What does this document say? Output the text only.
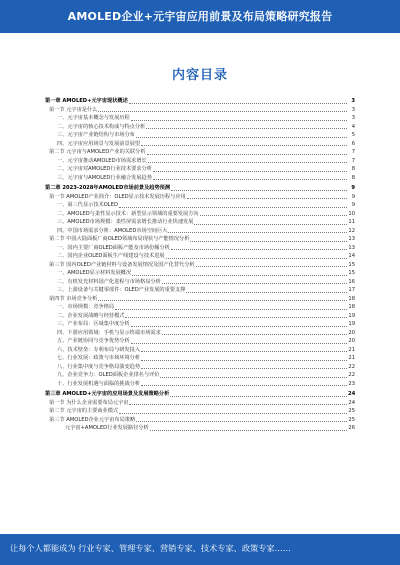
AMOLED企业+元宇宙应用前景及布局策略研究报告
内容目录
第一章 AMOLED+元宇宙现状概述	3
第一节 元宇宙是什么	3
一、元宇宙基本概念与发展历程	3
二、元宇宙的核心技术构成与特点分析	4
三、元宇宙产业链结构与市场分布	5
四、元宇宙应用场景与发展前景展望	6
第二节 元宇宙与AMOLED产业的关联分析	7
一、元宇宙推动AMOLED市场需求增长	7
二、元宇宙对AMOLED行业技术要求分析	8
三、元宇宙与AMOLED行业融合发展趋势	8
第二章 2023-2028年AMOLED市场前景及趋势预测	9
第一节 AMOLED产业简介：OLED显示技术发展历程与应用	9
一、第三代显示技术OLED	9
二、AMOLED与柔性显示技术：新型显示领域的重要发展方向	10
三、AMOLED市场规模：柔性屏需求增长推动行业快速发展	11
四、中国市场需求分析：AMOLED市场空间巨大	12
第二节 中国大陆面板厂商OLED领域布局现状与产能情况分析	13
一、国内主要厂商OLED面板产能及市场份额分析	13
二、国内企业OLED面板生产线建设与技术进展	14
第三节 国内OLED产业链材料与设备发展情况及国产化替代分析	15
一、AMOLED显示材料发展概况	15
二、有机发光材料国产化进程与市场格局分析	16
三、上游设备与关键零部件：OLED产业发展的重要支撑	17
第四节 市场竞争分析	18
一、市场规模：竞争格局	18
二、企业发展战略与经营模式	19
三、产业布局：区域集中度分析	19
四、下游应用领域：手机与显示终端市场需求	20
五、产业链协同与竞争优势分析	20
六、技术壁垒：专利布局与研发投入	21
七、行业发展：政策与市场环境分析	21
八、行业集中度与竞争格局演变趋势	22
九、企业竞争力：OLED面板企业排名与评价	22
十、行业发展机遇与面临的挑战分析	23
第三章 AMOLED+元宇宙的应用场景及发展策略分析	24
第一节 为什么企业需要布局元宇宙	24
第二节 元宇宙的主要商业模式	25
第三节 AMOLED企业元宇宙布局策略	25
元宇宙+AMOLED行业发展路径分析	26
让每个人都能成为 行业专家、管理专家、营销专家、技术专家、政策专家……
